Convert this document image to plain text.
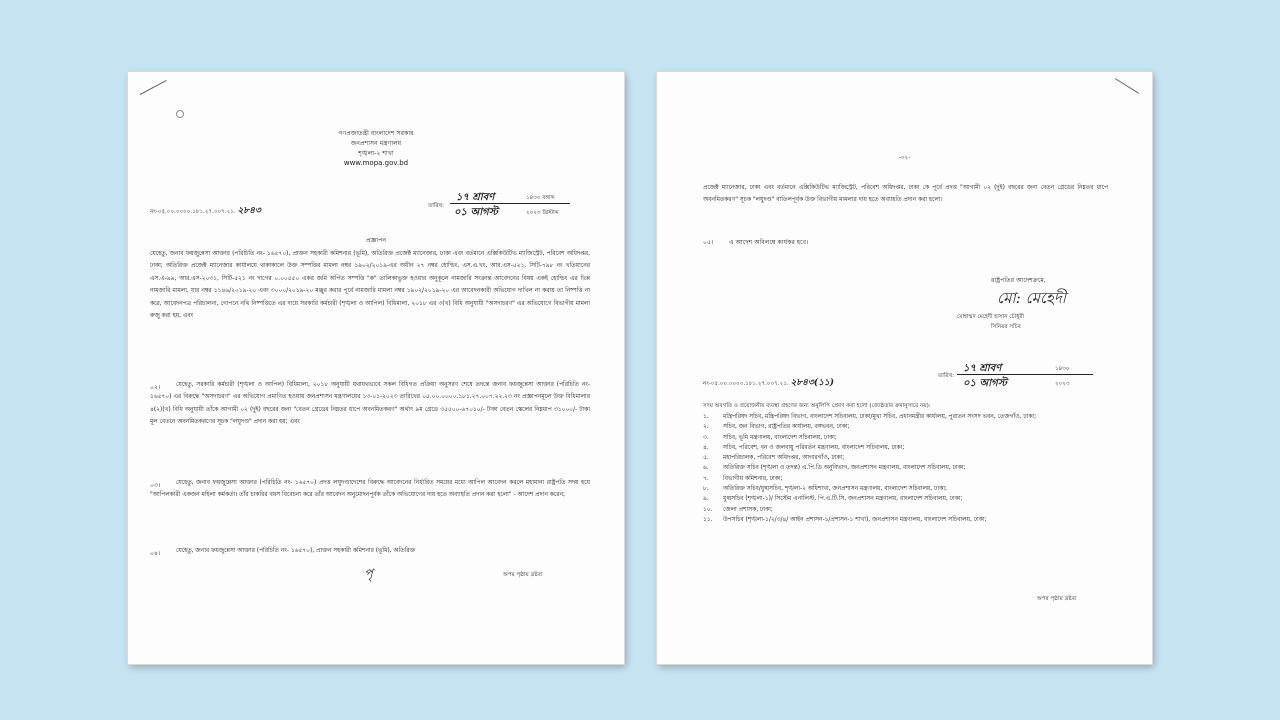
গণপ্রজাতন্ত্রী বাংলাদেশ সরকার

জনপ্রশাসন মন্ত্রণালয়

শৃঙ্খলা-২ শাখা

www.mopa.gov.bd

নং-০৫.০০.০০০০.১৮১.২৭.০০৭.২১. ২৮৪৩	তারিখ:

১৭ শ্রাবণ	১৪৩০ বঙ্গাব্দ

০১ আগস্ট	২০২৩ খ্রিস্টাব্দ

প্রজ্ঞাপন

যেহেতু, জনাব ফয়জুন্নেসা আক্তার (পরিচিতি নং- ১৬৫৭০), প্রাক্তন সহকারী কমিশনার (ভূমি), অতিরিক্ত প্রজেক্ট ম্যানেজার, ঢাকা এবং বর্তমানে এক্সিকিউটিভ ম্যাজিস্ট্রেট, পরিবেশ অধিদপ্তর, ঢাকা; অতিরিক্ত প্রজেক্ট ম্যানেজার কার্যালয়ে থাকাকালে উক্ত সম্পত্তির মামলা নম্বর ১৯০২/২০১৯-এর অধীন ২৭ নম্বর হোল্ডিং, এস.এ.খং, আর.এস-৫২১, সিটি-৭৯৮ নং খতিয়ানের এস.এ-৯৯, আর.এস-২০৩১, সিটি-৫২১ নং দাগের ০.০০৫৫০ একর জমি অর্পিত সম্পত্তি "ক" তালিকাভুক্ত হওয়ার অনুকূলে নামজারি সংক্রান্ত আবেদনের বিষয় একই হোল্ডিং এর ভিন্ন নামজারি মামলা, যার নম্বর ১১৪৬/২০১৯-২০ এবং ৩০০০/২০১৯-২০ মঞ্জুর করার পূর্বে নামজারি মামলা নম্বর ১৯০২/২০১৯-২০ এর আবেদনকারী অভিযোগ দাখিল না করায় তা নিষ্পত্তি না করে, আবেদনপত্র পরিচালনা, গোপনে নথি নিষ্পত্তিতে এর দায়ে সরকারি কর্মচারী (শৃঙ্খলা ও আপিল) বিধিমালা, ২০১৮ এর ৩(খ) বিধি অনুযায়ী "অসদাচরণ" এর অভিযোগে বিভাগীয় মামলা রুজু করা হয়, এবং

০২।	যেহেতু, সরকারি কর্মচারী (শৃঙ্খলা ও আপিল) বিধিমালা, ২০১৮ অনুযায়ী যথাযথভাবে সকল বিধিগত প্রক্রিয়া অনুসরণ শেষে তদন্তে জনাব ফয়জুন্নেসা আক্তার (পরিচিতি নং- ১৬৫৭০) এর বিরুদ্ধে "অসদাচরণ" এর অভিযোগ প্রমাণিত হওয়ায় জনপ্রশাসন মন্ত্রণালয়ের ১৩-০১-২০২৩ তারিখের ০৫.০০.০০০০.১৮১.২৭.০০৭.২২.২৩ নং প্রজ্ঞাপনমূলে উক্ত বিধিমালার ৪(২)(খ) বিধি অনুযায়ী তাঁকে আগামী ০২ (দুই) বছরের জন্য "বেতন গ্রেডের নিম্নতর ধাপে অবনমিতকরণ" অর্থাৎ ৯ম গ্রেডে ৩৫৫০০-৬৭০১০/- টাকা বেতন স্কেলের নিম্নধাপ ৩১০০০/- টাকা মূল বেতনে অবনমিতকরণের সূচক "লঘুদণ্ড" প্রদান করা হয়; এবং

০৩।	যেহেতু, জনাব ফয়জুন্নেসা আক্তার (পরিচিতি নং- ১৬৫৭০) প্রদত্ত লঘুদণ্ডাদেশের বিরুদ্ধে আবেদনের নির্ধারিত সময়ের মধ্যে আপিল আবেদন করলে মহামান্য রাষ্ট্রপতি সদয় হয়ে "আপিলকারী একজন মহিলা কর্মকর্তা। তাঁর চাকরির বয়স বিবেচনা করে তাঁর আবেদন অনুমোদনপূর্বক তাঁকে অভিযোগের দায় হতে অব্যাহতি প্রদান করা হলো" - আদেশ প্রদান করেন;

০৪।	যেহেতু, জনাব ফয়জুন্নেসা আক্তার (পরিচিতি নং- ১৬৫৭০), প্রাক্তন সহকারী কমিশনার (ভূমি), অতিরিক্ত

পৃ	অপর পৃষ্ঠায় দ্রষ্টব্য

-০২-

প্রজেক্ট ম্যানেজার, ঢাকা এবং বর্তমানে এক্সিকিউটিভ ম্যাজিস্ট্রেট, পরিবেশ অধিদপ্তর, ঢাকা কে পূর্বে প্রদত্ত "আগামী ০২ (দুই) বছরের জন্য বেতন গ্রেডের নিম্নতর ধাপে অবনমিতকরণ" সূচক "লঘুদণ্ড" বাতিলপূর্বক উক্ত বিভাগীয় মামলার দায় হতে অব্যাহতি প্রদান করা হলো।

০৫।	এ আদেশ অবিলম্বে কার্যকর হবে।

রাষ্ট্রপতির আদেশক্রমে,

মো: মেহেদী

মোহাম্মদ মেহেদী হাসান চৌধুরী

সিনিয়র সচিব

নং-০৫.০০.০০০০.১৮১.২৭.০০৭.২১. ২৮৪৩(১১)

তারিখ:

১৭ শ্রাবণ	১৪৩০

০১ আগস্ট	২০২৩

সদয় অবগতি ও প্রয়োজনীয় ব্যবস্থা গ্রহণের জন্য অনুলিপি প্রেরণ করা হলো (জ্যেষ্ঠতার ক্রমানুসারে নয়):

১.	মন্ত্রিপরিষদ সচিব, মন্ত্রিপরিষদ বিভাগ, বাংলাদেশ সচিবালয়, ঢাকা/মুখ্য সচিব, প্রধানমন্ত্রীর কার্যালয়, পুরাতন সংসদ ভবন, তেজগাঁও, ঢাকা;
২.	সচিব, জন বিভাগ, রাষ্ট্রপতির কার্যালয়, বঙ্গভবন, ঢাকা;
৩.	সচিব, ভূমি মন্ত্রণালয়, বাংলাদেশ সচিবালয়, ঢাকা;
৪.	সচিব, পরিবেশ, বন ও জলবায়ু পরিবর্তন মন্ত্রণালয়, বাংলাদেশ সচিবালয়, ঢাকা;
৫.	মহাপরিচালক, পরিবেশ অধিদপ্তর, আগারগাঁও, ঢাকা;
৬.	অতিরিক্ত সচিব (শৃঙ্খলা ও তদন্ত) এ.পি.ডি অনুবিভাগ, জনপ্রশাসন মন্ত্রণালয়, বাংলাদেশ সচিবালয়, ঢাকা;
৭.	বিভাগীয় কমিশনার, ঢাকা;
৮.	অতিরিক্ত সচিব/যুগ্মসচিব, শৃঙ্খলা-২ অধিশাখা, জনপ্রশাসন মন্ত্রণালয়, বাংলাদেশ সচিবালয়, ঢাকা;
৯.	যুগ্মসচিব (শৃঙ্খলা-১)/ সিস্টেম এনালিস্ট, পি.এ.টি.সি, জনপ্রশাসন মন্ত্রণালয়, বাংলাদেশ সচিবালয়, ঢাকা;
১০.	জেলা প্রশাসক, ঢাকা;
১১.	উপসচিব (শৃঙ্খলা-১/২/৩/৪/ আইন প্রশাসন-১/প্রশাসন-১ শাখা), জনপ্রশাসন মন্ত্রণালয়, বাংলাদেশ সচিবালয়, ঢাকা;

অপর পৃষ্ঠায় দ্রষ্টব্য
